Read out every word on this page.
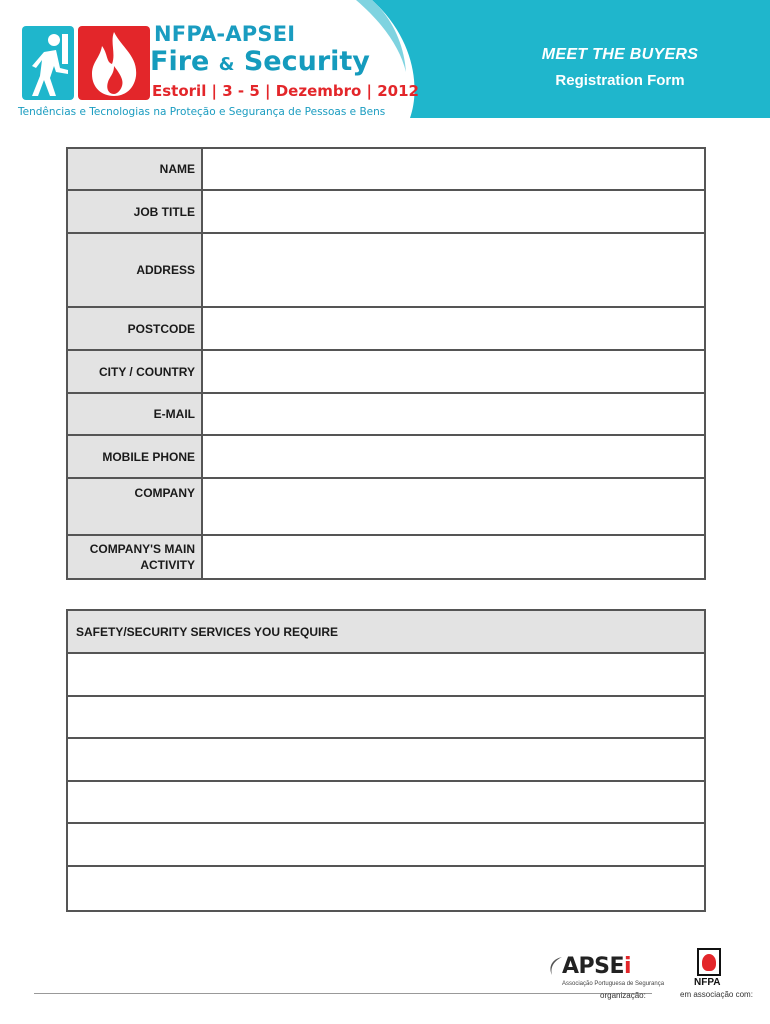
NFPA-APSEI
Fire & Security
Estoril | 3 - 5 | Dezembro | 2012
Tendências e Tecnologias na Proteção e Segurança de Pessoas e Bens
MEET THE BUYERS
Registration Form
NAME
JOB TITLE
ADDRESS
POSTCODE
CITY / COUNTRY
E-MAIL
MOBILE PHONE
COMPANY
COMPANY'S MAIN ACTIVITY
SAFETY/SECURITY SERVICES YOU REQUIRE
APSEi
Associação Portuguesa de Segurança
organização:
NFPA
em associação com:
